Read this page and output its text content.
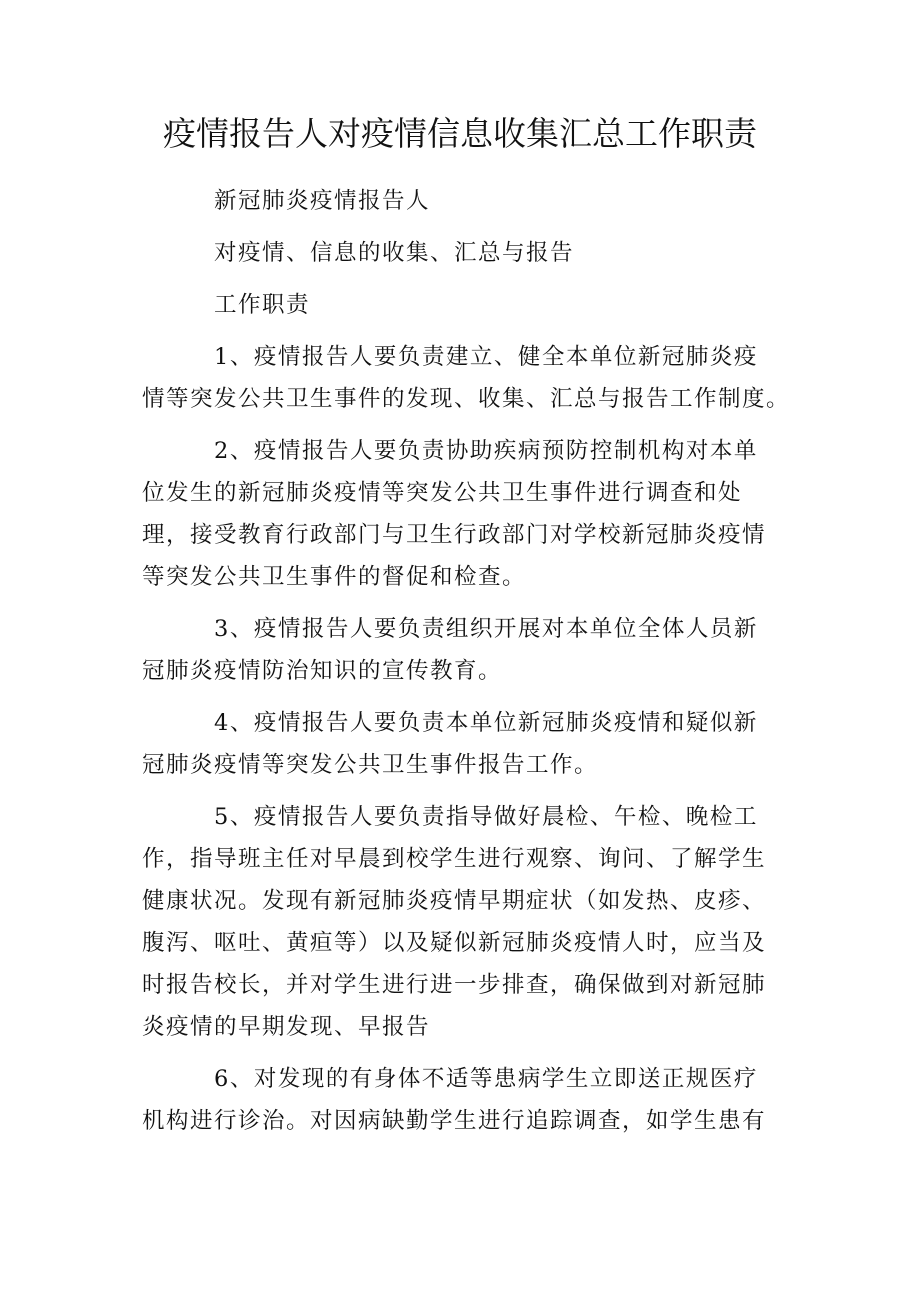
疫情报告人对疫情信息收集汇总工作职责
新冠肺炎疫情报告人
对疫情、信息的收集、汇总与报告
工作职责
1、疫情报告人要负责建立、健全本单位新冠肺炎疫
情等突发公共卫生事件的发现、收集、汇总与报告工作制度。
2、疫情报告人要负责协助疾病预防控制机构对本单
位发生的新冠肺炎疫情等突发公共卫生事件进行调查和处
理，接受教育行政部门与卫生行政部门对学校新冠肺炎疫情
等突发公共卫生事件的督促和检查。
3、疫情报告人要负责组织开展对本单位全体人员新
冠肺炎疫情防治知识的宣传教育。
4、疫情报告人要负责本单位新冠肺炎疫情和疑似新
冠肺炎疫情等突发公共卫生事件报告工作。
5、疫情报告人要负责指导做好晨检、午检、晚检工
作，指导班主任对早晨到校学生进行观察、询问、了解学生
健康状况。发现有新冠肺炎疫情早期症状（如发热、皮疹、
腹泻、呕吐、黄疸等）以及疑似新冠肺炎疫情人时，应当及
时报告校长，并对学生进行进一步排查，确保做到对新冠肺
炎疫情的早期发现、早报告
6、对发现的有身体不适等患病学生立即送正规医疗
机构进行诊治。对因病缺勤学生进行追踪调查，如学生患有
